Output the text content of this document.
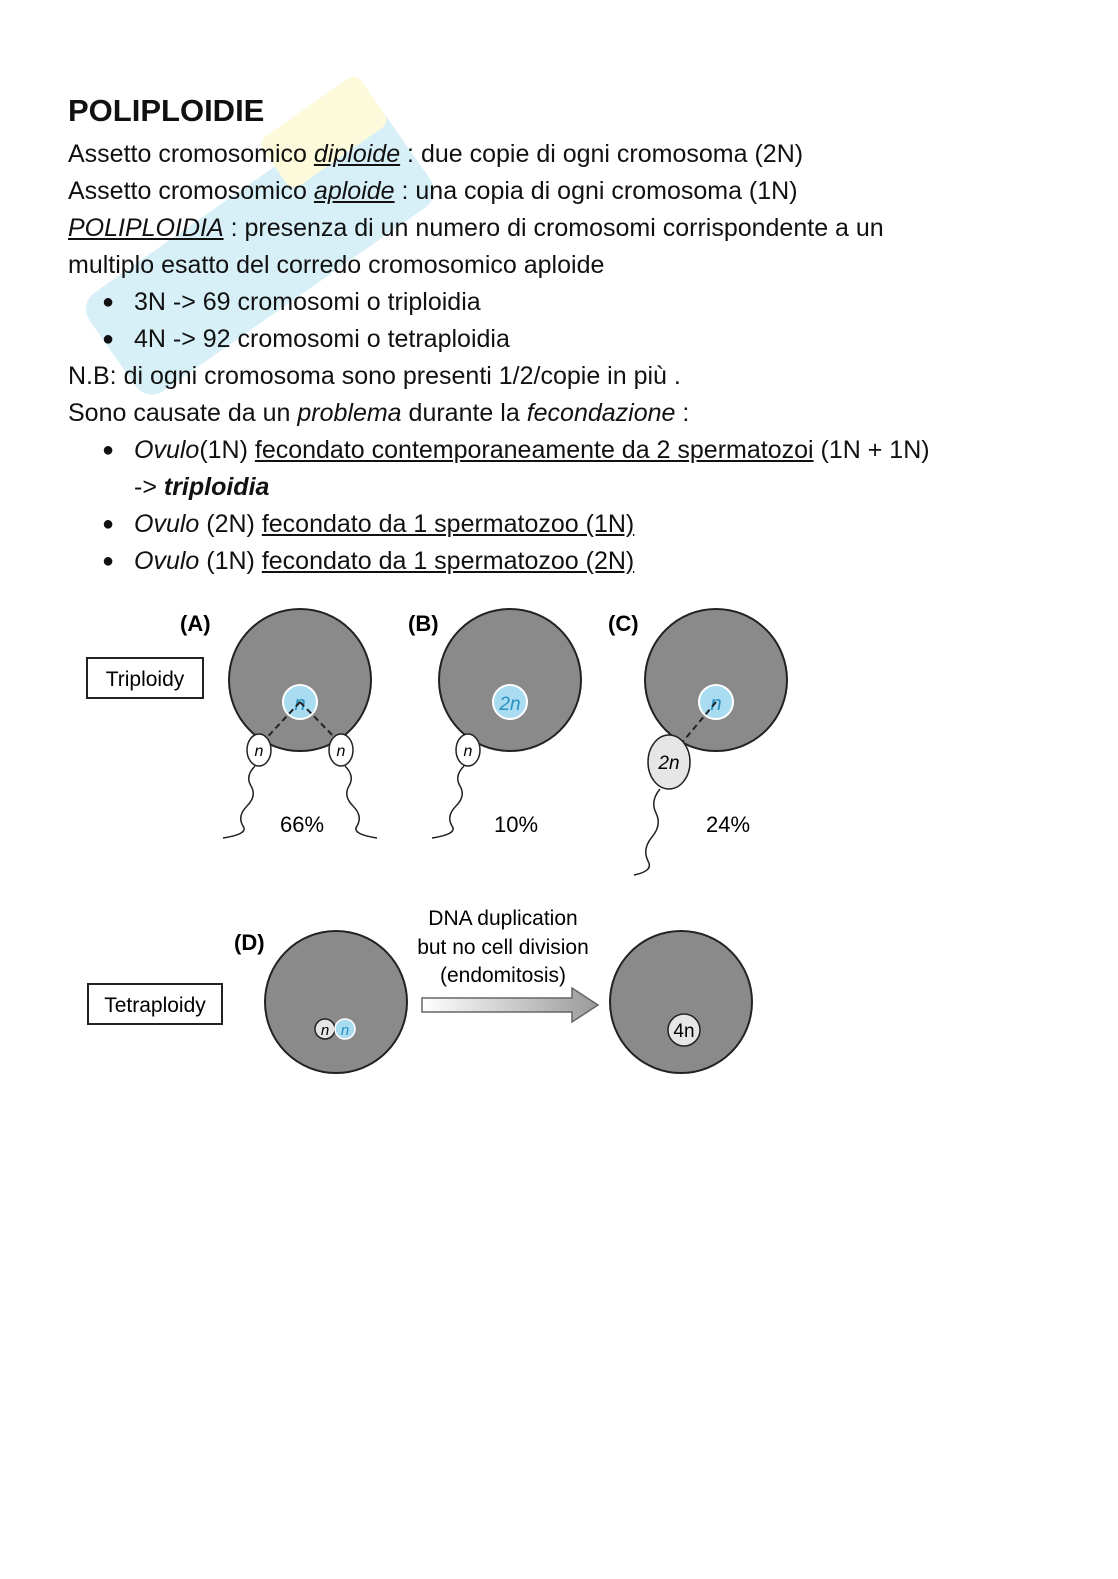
POLIPLOIDIE

Assetto cromosomico diploide : due copie di ogni cromosoma (2N)

Assetto cromosomico aploide : una copia di ogni cromosoma (1N)

POLIPLOIDIA : presenza di un numero di cromosomi corrispondente a un

multiplo esatto del corredo cromosomico aploide

● 3N -> 69 cromosomi o triploidia
● 4N -> 92 cromosomi o tetraploidia

N.B: di ogni cromosoma sono presenti 1/2/copie in più .

Sono causate da un problema durante la fecondazione :

● Ovulo(1N) fecondato contemporaneamente da 2 spermatozoi (1N + 1N)
-> triploidia
● Ovulo (2N) fecondato da 1 spermatozoo (1N)
● Ovulo (1N) fecondato da 1 spermatozoo (2N)
(A)	(B)	(C)
(D)
Triploidy
n
n	n
66%
2n
n
10%
n
2n
24%
Tetraploidy
n n
DNA duplication
but no cell division
(endomitosis)
4n
